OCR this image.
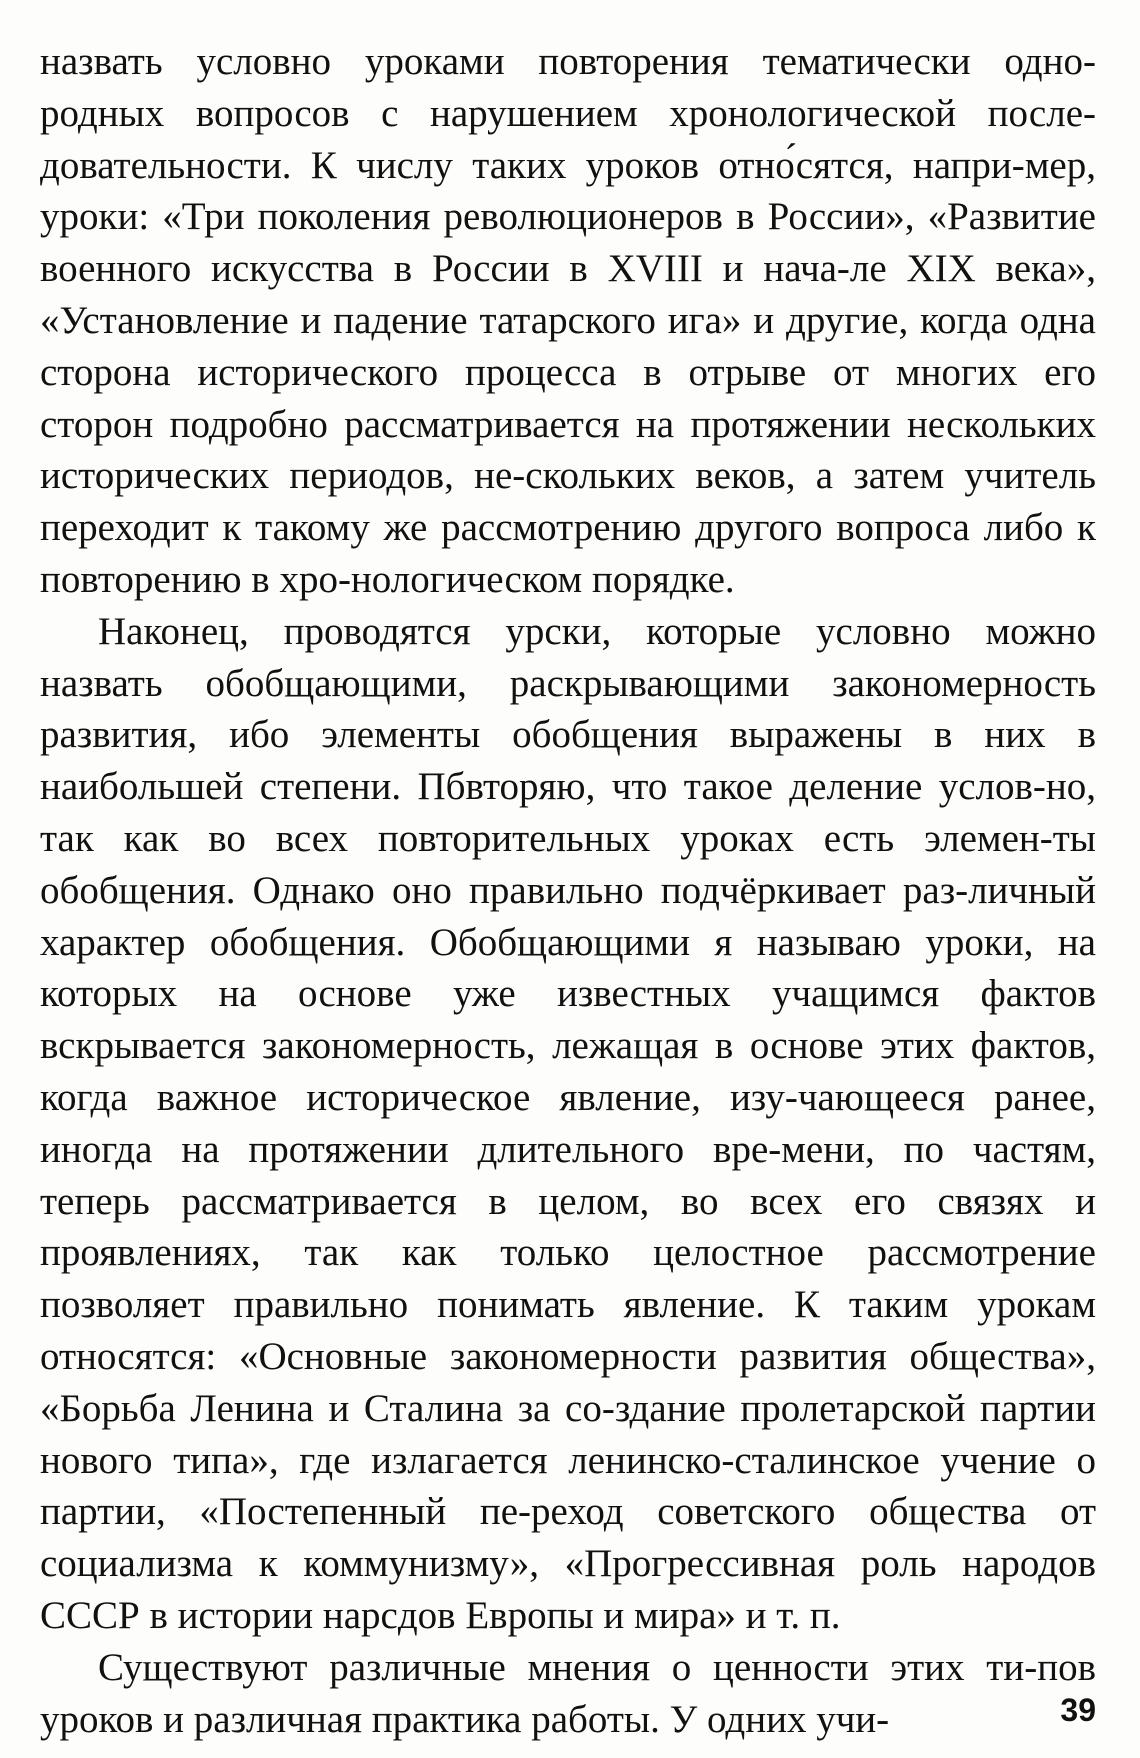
назвать условно уроками повторения тематически одно-родных вопросов с нарушением хронологической после-довательности. К числу таких уроков отно́сятся, напри-мер, уроки: «Три поколения революционеров в России», «Развитие военного искусства в России в XVIII и нача-ле XIX века», «Установление и падение татарского ига» и другие, когда одна сторона исторического процесса в отрыве от многих его сторон подробно рассматривается на протяжении нескольких исторических периодов, не-скольких веков, а затем учитель переходит к такому же рассмотрению другого вопроса либо к повторению в хро-нологическом порядке.

Наконец, проводятся урски, которые условно можно назвать обобщающими, раскрывающими закономерность развития, ибо элементы обобщения выражены в них в наибольшей степени. Пбвторяю, что такое деление услов-но, так как во всех повторительных уроках есть элемен-ты обобщения. Однако оно правильно подчёркивает раз-личный характер обобщения. Обобщающими я называю уроки, на которых на основе уже известных учащимся фактов вскрывается закономерность, лежащая в основе этих фактов, когда важное историческое явление, изу-чающееся ранее, иногда на протяжении длительного вре-мени, по частям, теперь рассматривается в целом, во всех его связях и проявлениях, так как только целостное рассмотрение позволяет правильно понимать явление. К таким урокам относятся: «Основные закономерности развития общества», «Борьба Ленина и Сталина за со-здание пролетарской партии нового типа», где излагается ленинско-сталинское учение о партии, «Постепенный пе-реход советского общества от социализма к коммунизму», «Прогрессивная роль народов СССР в истории нарсдов Европы и мира» и т. п.

Существуют различные мнения о ценности этих ти-пов уроков и различная практика работы. У одних учи-	39
